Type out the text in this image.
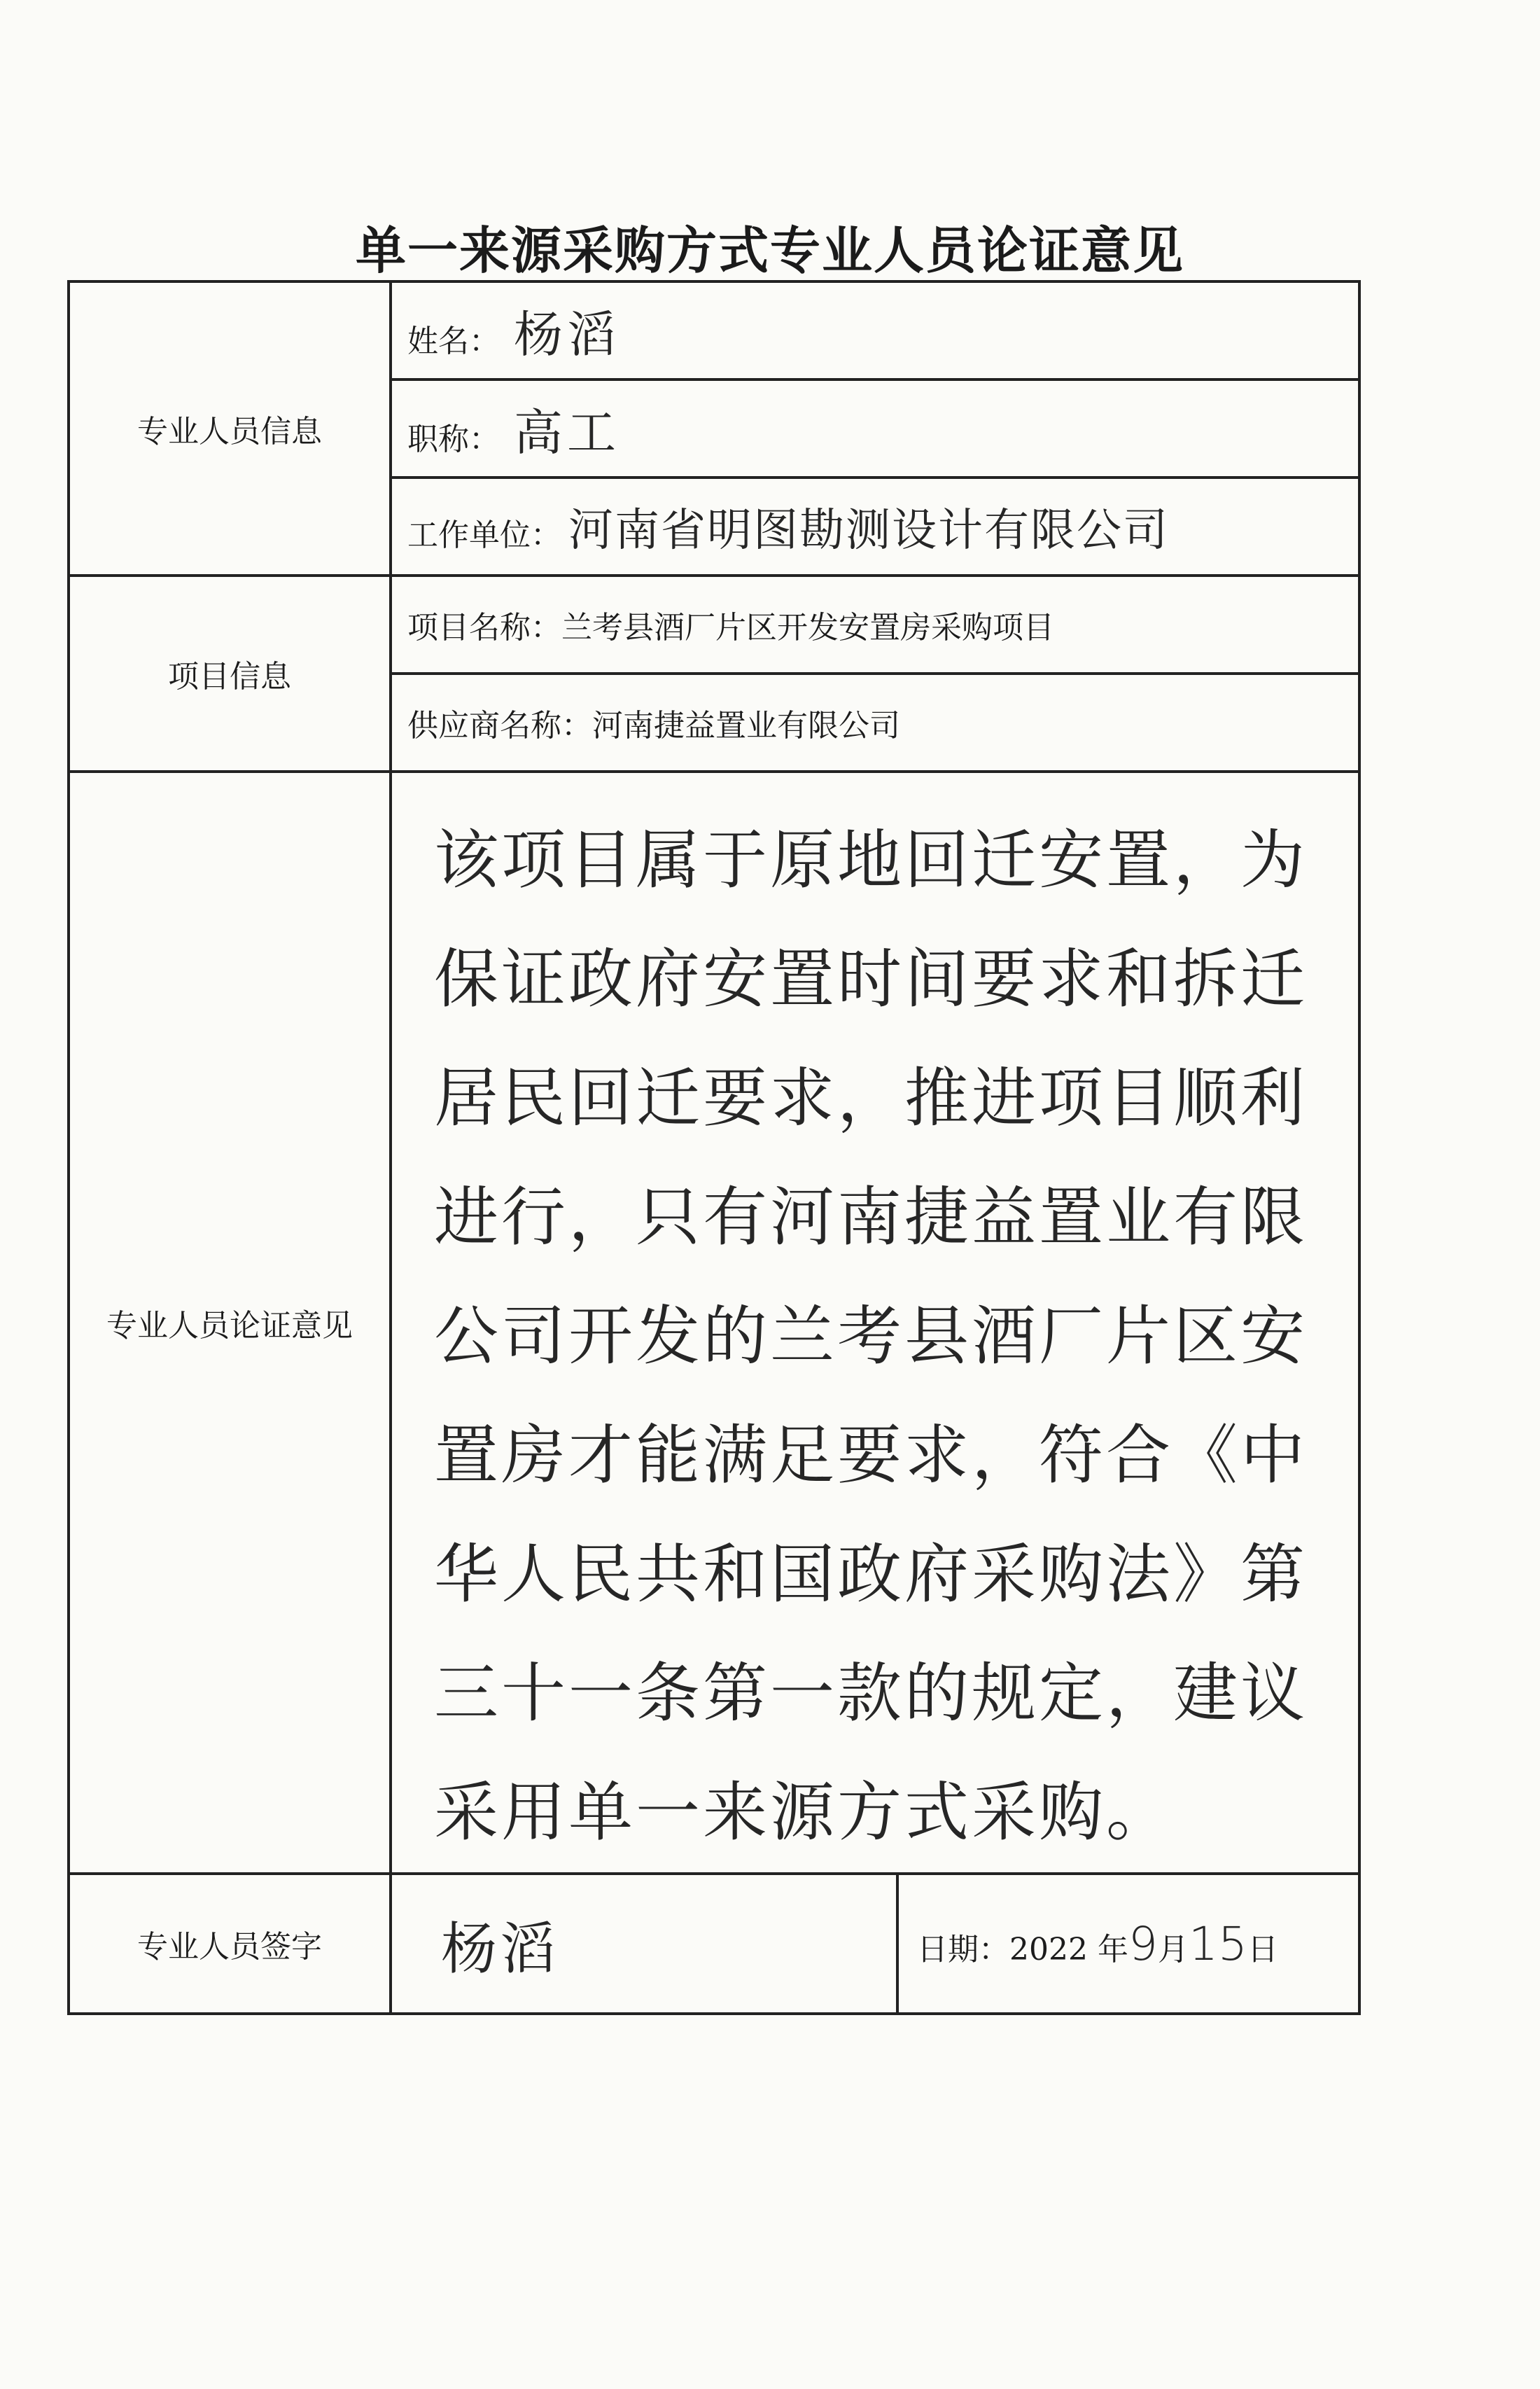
单一来源采购方式专业人员论证意见
专业人员信息	姓名： 杨滔	
	职称： 高工	
	工作单位： 河南省明图勘测设计有限公司	
项目信息	项目名称：兰考县酒厂片区开发安置房采购项目	
	供应商名称：河南捷益置业有限公司	
专业人员论证意见	该项目属于原地回迁安置，为保证政府安置时间要求和拆迁居民回迁要求，推进项目顺利进行，只有河南捷益置业有限公司开发的兰考县酒厂片区安置房才能满足要求，符合《中华人民共和国政府采购法》第三十一条第一款的规定，建议采用单一来源方式采购。	

专业人员签字	杨滔	日期：2022 年9月15日
